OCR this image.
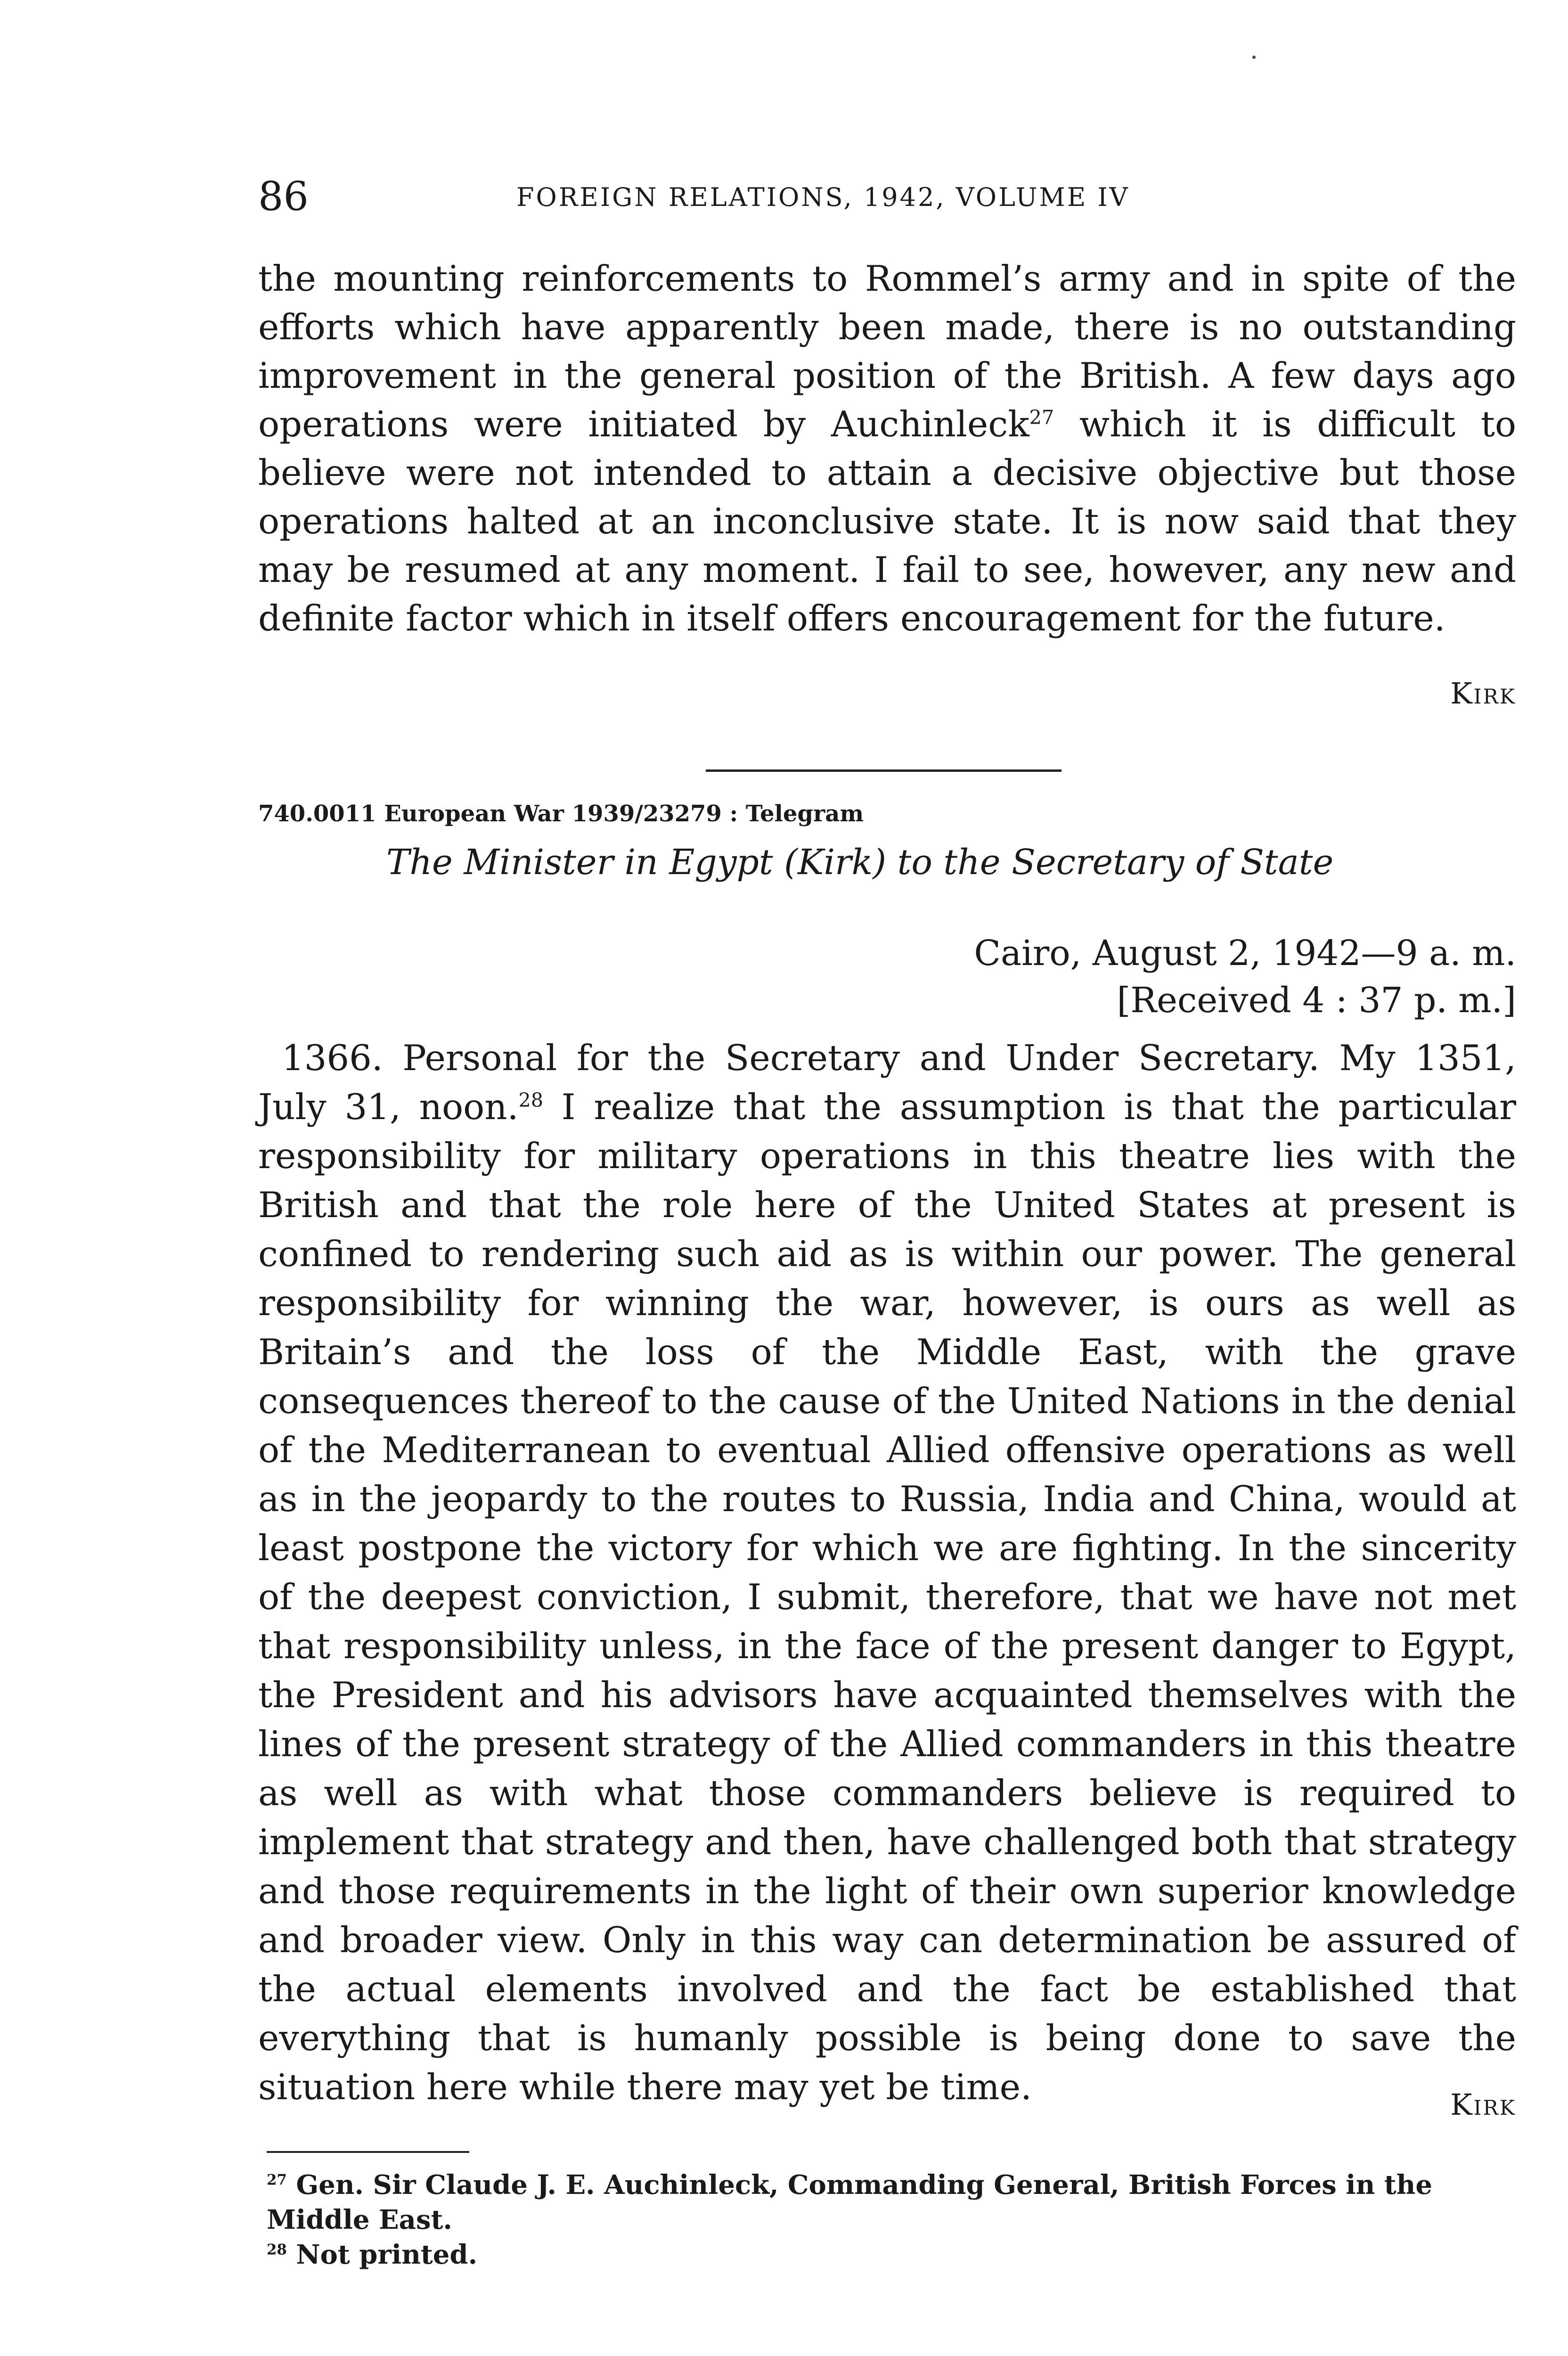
86	FOREIGN RELATIONS, 1942, VOLUME IV
the mounting reinforcements to Rommel’s army and in spite of the efforts which have apparently been made, there is no outstanding improvement in the general position of the British. A few days ago operations were initiated by Auchinleck$^{27}$ which it is difficult to believe were not intended to attain a decisive objective but those operations halted at an inconclusive state. It is now said that they may be resumed at any moment. I fail to see, however, any new and definite factor which in itself offers encouragement for the future.
Kirk
740.0011 European War 1939/23279 : Telegram
The Minister in Egypt (Kirk) to the Secretary of State
Cairo, August 2, 1942—9 a. m.
[Received 4 : 37 p. m.]
1366. Personal for the Secretary and Under Secretary. My 1351, July 31, noon.$^{28}$ I realize that the assumption is that the particular responsibility for military operations in this theatre lies with the British and that the role here of the United States at present is confined to rendering such aid as is within our power. The general responsibility for winning the war, however, is ours as well as Britain’s and the loss of the Middle East, with the grave consequences thereof to the cause of the United Nations in the denial of the Mediterranean to eventual Allied offensive operations as well as in the jeopardy to the routes to Russia, India and China, would at least postpone the victory for which we are fighting. In the sincerity of the deepest conviction, I submit, therefore, that we have not met that responsibility unless, in the face of the present danger to Egypt, the President and his advisors have acquainted themselves with the lines of the present strategy of the Allied commanders in this theatre as well as with what those commanders believe is required to implement that strategy and then, have challenged both that strategy and those requirements in the light of their own superior knowledge and broader view. Only in this way can determination be assured of the actual elements involved and the fact be established that everything that is humanly possible is being done to save the situation here while there may yet be time.	Kirk

$^{27}$ Gen. Sir Claude J. E. Auchinleck, Commanding General, British Forces in the Middle East.

$^{28}$ Not printed.
